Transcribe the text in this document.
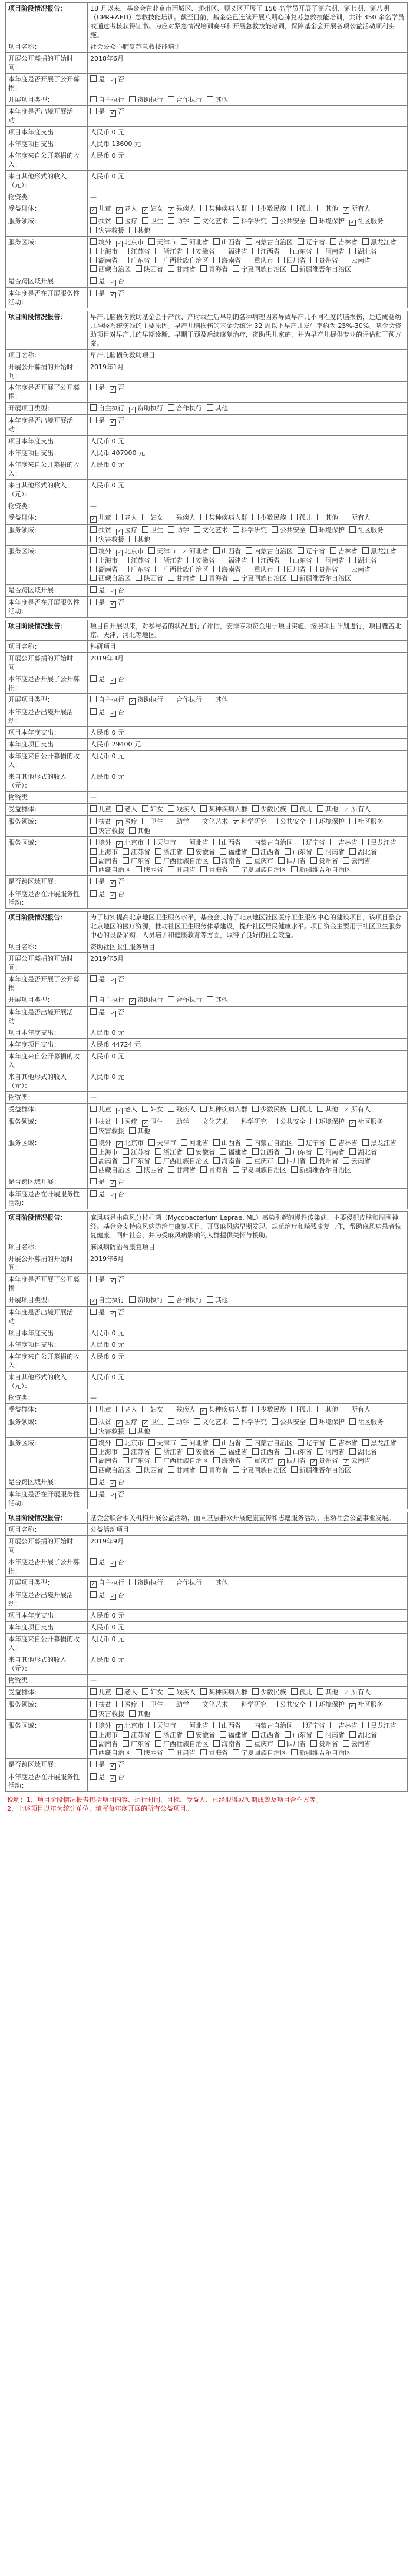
项目阶段情况报告：	18 月以来，基金会在北京市西城区、通州区、顺义区开展了 156 名学员开展了第六期、第七期、第八期（CPR+AED）急救技能培训。截至目前，基金会已连续开展八期心肺复苏急救技能培训，共计 350 余名学员或通过考核获得证书。为应对紧急情况培训赛事和开展急救技能培训，保障基金会开展各项公益活动顺利实施。
项目名称：	社会公众心肺复苏急救技能培训
开展公开募捐的开始时间：	2018年6月
本年度是否开展了公开募捐：	是 ✓ 否
开展项目类型：	自主执行 资助执行 合作执行 其他
本年度是否出境开展活动：	是 ✓ 否
项目本年度支出：	人民币 0 元
本年度项目支出：	人民币 13600 元
本年度来自公开募捐的收入：	人民币 0 元
来自其他形式的收入（元）：	人民币 0 元
物资类：	—
受益群体：	✓儿童 ✓ 老人 ✓ 妇女 ✓ 残疾人 某种疾病人群 少数民族 孤儿 其他 ✓ 所有人
服务领域：	扶贫 医疗 卫生 助学 文化艺术 科学研究 公共安全 环境保护 ✓ 社区服务灾害救援 其他
服务区域：	境外 ✓ 北京市 天津市 河北省 山西省 内蒙古自治区 辽宁省 吉林省 黑龙江省上海市 江苏省 浙江省 安徽省 福建省 江西省 山东省 河南省 湖北省湖南省 广东省 广西壮族自治区 海南省 重庆市 四川省 贵州省 云南省西藏自治区 陕西省 甘肃省 青海省 宁夏回族自治区 新疆维吾尔自治区
是否跨区域开展：	是 ✓ 否
本年度是否在开展服务性活动：	是 ✓ 否
项目阶段情况报告：	早产儿脑损伤救助基金会于产前、产时或生后早期的各种病理因素导致早产儿不同程度的脑损伤，是造成婴幼儿神经系统伤残的主要原因。早产儿脑损伤的基金会统计 32 周以下早产儿发生率约为 25%-30%。基金会资助项目对早产儿的早期诊断、早期干预及后续康复治疗，资助患儿家庭，并为早产儿提供专业的评估和干预方案。
项目名称：	早产儿脑损伤救助项目
开展公开募捐的开始时间：	2019年1月
本年度是否开展了公开募捐：	是 ✓ 否
开展项目类型：	自主执行 ✓ 资助执行 合作执行 其他
本年度是否出境开展活动：	是 ✓ 否
项目本年度支出：	人民币 0 元
本年度项目支出：	人民币 407900 元
本年度来自公开募捐的收入：	人民币 0 元
来自其他形式的收入（元）：	人民币 0 元
物资类：	—
受益群体：	✓儿童 老人 妇女 残疾人 某种疾病人群 少数民族 孤儿 其他 所有人
服务领域：	扶贫 ✓ 医疗 卫生 助学 文化艺术 科学研究 公共安全 环境保护 社区服务灾害救援 其他
服务区域：	境外 ✓ 北京市 天津市 ✓ 河北省 山西省 内蒙古自治区 辽宁省 吉林省 黑龙江省上海市 江苏省 浙江省 安徽省 福建省 江西省 山东省 河南省 湖北省湖南省 广东省 广西壮族自治区 海南省 重庆市 四川省 贵州省 云南省西藏自治区 陕西省 甘肃省 青海省 宁夏回族自治区 新疆维吾尔自治区
是否跨区域开展：	是 ✓ 否
本年度是否在开展服务性活动：	是 ✓ 否
项目阶段情况报告：	项目自开展以来，对参与者的状况进行了评估，安排专项资金用于项目实施，按照项目计划进行，项目覆盖北京、天津、河北等地区。
项目名称：	科研项目
开展公开募捐的开始时间：	2019年3月
本年度是否开展了公开募捐：	是 ✓ 否
开展项目类型：	自主执行 ✓ 资助执行 合作执行 其他
本年度是否出境开展活动：	是 ✓ 否
项目本年度支出：	人民币 0 元
本年度项目支出：	人民币 29400 元
本年度来自公开募捐的收入：	人民币 0 元
来自其他形式的收入（元）：	人民币 0 元
物资类：	—
受益群体：	儿童 老人 妇女 残疾人 某种疾病人群 少数民族 孤儿 其他 ✓ 所有人
服务领域：	扶贫 ✓ 医疗 卫生 助学 文化艺术 ✓ 科学研究 公共安全 环境保护 社区服务灾害救援 其他
服务区域：	境外 ✓ 北京市 天津市 河北省 山西省 内蒙古自治区 辽宁省 吉林省 黑龙江省上海市 江苏省 浙江省 安徽省 福建省 江西省 山东省 河南省 湖北省湖南省 广东省 广西壮族自治区 海南省 重庆市 四川省 贵州省 云南省西藏自治区 陕西省 甘肃省 青海省 宁夏回族自治区 新疆维吾尔自治区
是否跨区域开展：	是 ✓ 否
本年度是否在开展服务性活动：	是 ✓ 否
项目阶段情况报告：	为了切实提高北京地区卫生服务水平，基金会支持了北京地区社区医疗卫生服务中心的建设项目，该项目整合北京地区的医疗资源，推动社区卫生服务体系建设，提升社区居民健康水平。项目资金主要用于社区卫生服务中心的设备采购、人员培训和健康教育等方面，取得了良好的社会效益。
项目名称：	资助社区卫生服务项目
开展公开募捐的开始时间：	2019年5月
本年度是否开展了公开募捐：	是 ✓ 否
开展项目类型：	自主执行 ✓ 资助执行 合作执行 其他
本年度是否出境开展活动：	是 ✓ 否
项目本年度支出：	人民币 0 元
本年度项目支出：	人民币 44724 元
本年度来自公开募捐的收入：	人民币 0 元
来自其他形式的收入（元）：	人民币 0 元
物资类：	—
受益群体：	儿童 ✓ 老人 妇女 残疾人 某种疾病人群 少数民族 孤儿 其他 ✓ 所有人
服务领域：	扶贫 医疗 ✓ 卫生 助学 文化艺术 科学研究 公共安全 环境保护 ✓ 社区服务灾害救援 其他
服务区域：	境外 ✓ 北京市 天津市 河北省 山西省 内蒙古自治区 辽宁省 吉林省 黑龙江省上海市 江苏省 浙江省 安徽省 福建省 江西省 山东省 河南省 湖北省湖南省 广东省 广西壮族自治区 海南省 重庆市 四川省 贵州省 云南省西藏自治区 陕西省 甘肃省 青海省 宁夏回族自治区 新疆维吾尔自治区
是否跨区域开展：	是 ✓ 否
本年度是否在开展服务性活动：	是 ✓ 否
项目阶段情况报告：	麻风病是由麻风分枝杆菌（Mycobacterium Leprae, ML）感染引起的慢性传染病，主要侵犯皮肤和周围神经。基金会支持麻风病防治与康复项目，开展麻风病早期发现、规范治疗和畸残康复工作，帮助麻风病患者恢复健康、回归社会，并为受麻风病影响的人群提供关怀与援助。
项目名称：	麻风病防治与康复项目
开展公开募捐的开始时间：	2019年6月
本年度是否开展了公开募捐：	是 ✓ 否
开展项目类型：	✓自主执行 资助执行 合作执行 其他
本年度是否出境开展活动：	是 ✓ 否
项目本年度支出：	人民币 0 元
本年度项目支出：	人民币 0 元
本年度来自公开募捐的收入：	人民币 0 元
来自其他形式的收入（元）：	人民币 0 元
物资类：	—
受益群体：	儿童 老人 妇女 残疾人 ✓ 某种疾病人群 少数民族 孤儿 其他 所有人
服务领域：	扶贫 ✓ 医疗 ✓ 卫生 助学 文化艺术 科学研究 公共安全 环境保护 社区服务灾害救援 其他
服务区域：	境外 北京市 天津市 河北省 山西省 内蒙古自治区 辽宁省 吉林省 黑龙江省上海市 江苏省 浙江省 安徽省 福建省 江西省 山东省 河南省 湖北省湖南省 广东省 广西壮族自治区 海南省 重庆市 ✓ 四川省 ✓ 贵州省 ✓ 云南省西藏自治区 陕西省 甘肃省 青海省 宁夏回族自治区 新疆维吾尔自治区
是否跨区域开展：	是 ✓ 否
本年度是否在开展服务性活动：	是 ✓ 否
项目阶段情况报告：	基金会联合相关机构开展公益活动，面向基层群众开展健康宣传和志愿服务活动，推动社会公益事业发展。
项目名称：	公益活动项目
开展公开募捐的开始时间：	2019年9月
本年度是否开展了公开募捐：	是 ✓ 否
开展项目类型：	✓自主执行 资助执行 合作执行 其他
本年度是否出境开展活动：	是 ✓ 否
项目本年度支出：	人民币 0 元
本年度项目支出：	人民币 0 元
本年度来自公开募捐的收入：	人民币 0 元
来自其他形式的收入（元）：	人民币 0 元
物资类：	—
受益群体：	儿童 老人 妇女 残疾人 某种疾病人群 少数民族 孤儿 其他 ✓ 所有人
服务领域：	扶贫 医疗 卫生 助学 文化艺术 科学研究 公共安全 环境保护 ✓ 社区服务灾害救援 其他
服务区域：	境外 ✓ 北京市 天津市 河北省 山西省 内蒙古自治区 辽宁省 吉林省 黑龙江省上海市 江苏省 浙江省 安徽省 福建省 江西省 山东省 河南省 湖北省湖南省 广东省 广西壮族自治区 海南省 重庆市 四川省 贵州省 云南省西藏自治区 陕西省 甘肃省 青海省 宁夏回族自治区 新疆维吾尔自治区
是否跨区域开展：	是 ✓ 否
本年度是否在开展服务性活动：	是 ✓ 否
说明：1、项目阶段情况报告包括项目内容、运行时间、目标、受益人、已经取得或预期成效及项目合作方等。
2、上述项目以年为统计单位，填写每年度开展的所有公益项目。
